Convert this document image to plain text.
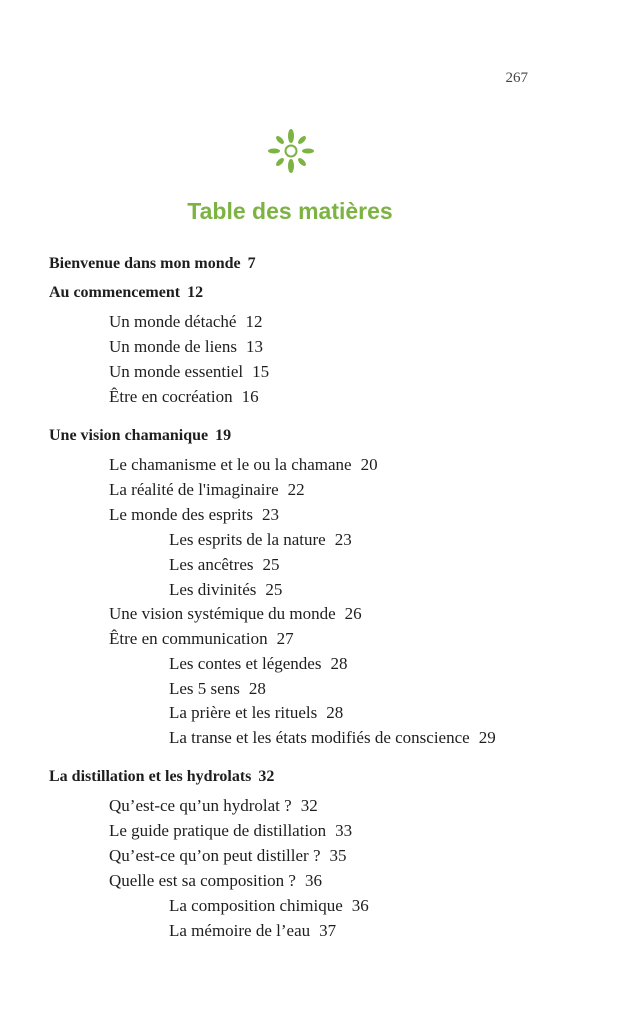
267
Table des matières
Bienvenue dans mon monde 7
Au commencement 12
Un monde détaché 12
Un monde de liens 13
Un monde essentiel 15
Être en cocréation 16
Une vision chamanique 19
Le chamanisme et le ou la chamane 20
La réalité de l'imaginaire 22
Le monde des esprits 23
Les esprits de la nature 23
Les ancêtres 25
Les divinités 25
Une vision systémique du monde 26
Être en communication 27
Les contes et légendes 28
Les 5 sens 28
La prière et les rituels 28
La transe et les états modifiés de conscience 29
La distillation et les hydrolats 32
Qu’est-ce qu’un hydrolat ? 32
Le guide pratique de distillation 33
Qu’est-ce qu’on peut distiller ? 35
Quelle est sa composition ? 36
La composition chimique 36
La mémoire de l’eau 37
